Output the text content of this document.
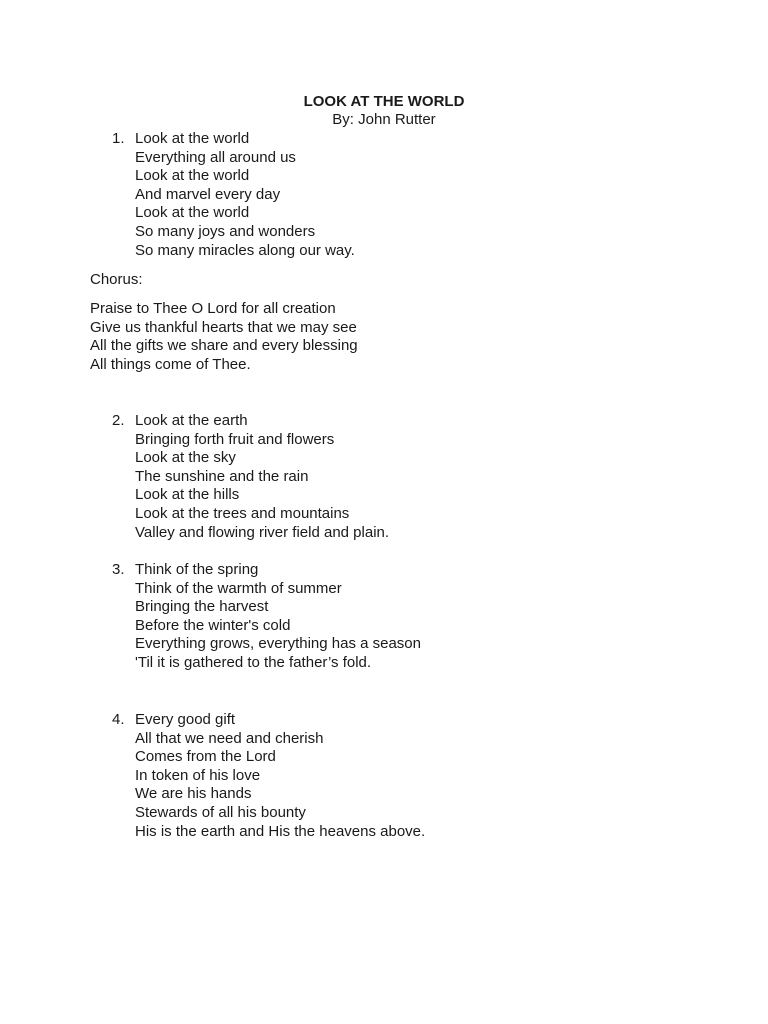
LOOK AT THE WORLD

By: John Rutter

1. Look at the world
Everything all around us
Look at the world
And marvel every day
Look at the world
So many joys and wonders
So many miracles along our way.
Chorus:
Praise to Thee O Lord for all creation
Give us thankful hearts that we may see
All the gifts we share and every blessing
All things come of Thee.
2. Look at the earth
Bringing forth fruit and flowers
Look at the sky
The sunshine and the rain
Look at the hills
Look at the trees and mountains
Valley and flowing river field and plain.
3. Think of the spring
Think of the warmth of summer
Bringing the harvest
Before the winter's cold
Everything grows, everything has a season
'Til it is gathered to the father’s fold.
4. Every good gift
All that we need and cherish
Comes from the Lord
In token of his love
We are his hands
Stewards of all his bounty
His is the earth and His the heavens above.
